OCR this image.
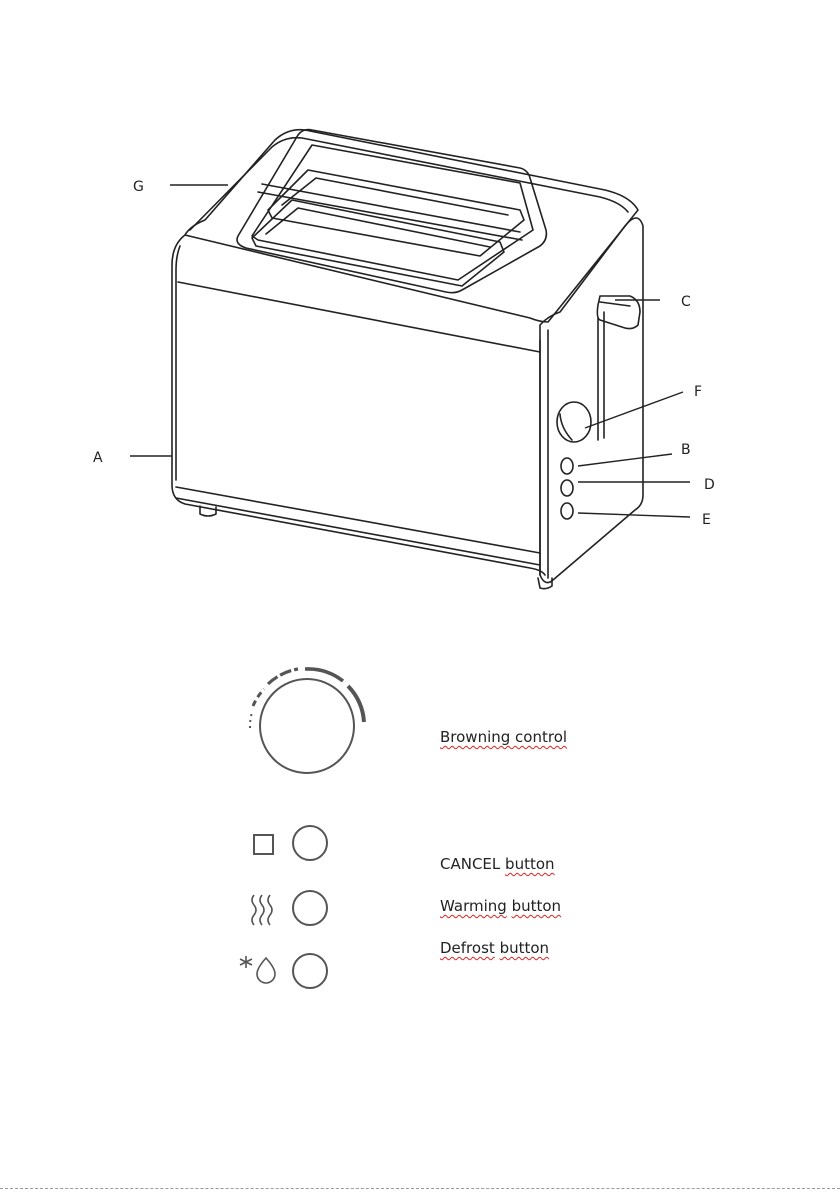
G
C
F
B
A
D
E
Browning control
CANCEL button
Warming button
Defrost button
